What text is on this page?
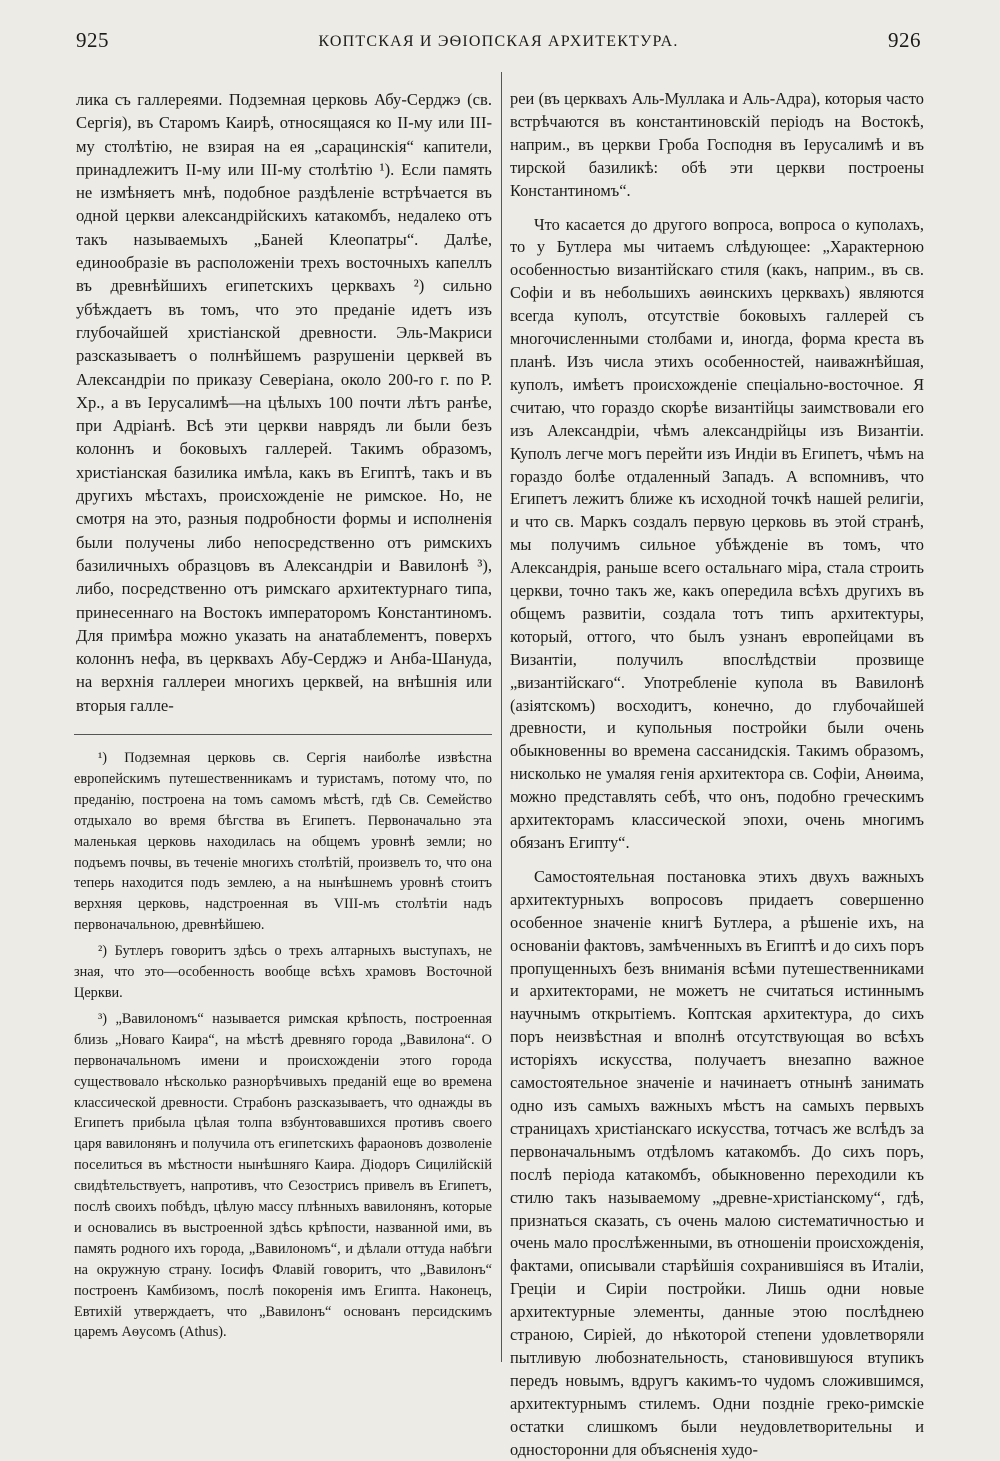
925	КОПТСКАЯ И ЭѲІОПСКАЯ АРХИТЕКТУРА.	926

лика съ галлереями. Подземная церковь Абу-Серджэ (св. Сергія), въ Старомъ Каирѣ, относящаяся ко II-му или III-му столѣтію, не взирая на ея „сарацинскія“ капители, принадлежитъ II-му или III-му столѣтію ¹). Если память не измѣняетъ мнѣ, подобное раздѣленіе встрѣчается въ одной церкви александрійскихъ катакомбъ, недалеко отъ такъ называемыхъ „Баней Клеопатры“. Далѣе, единообразіе въ расположеніи трехъ восточныхъ капеллъ въ древнѣйшихъ египетскихъ церквахъ ²) сильно убѣждаетъ въ томъ, что это преданіе идетъ изъ глубочайшей христіанской древности. Эль-Макриси разсказываетъ о полнѣйшемъ разрушеніи церквей въ Александріи по приказу Северіана, около 200-го г. по Р. Хр., а въ Іерусалимѣ—на цѣлыхъ 100 почти лѣтъ ранѣе, при Адріанѣ. Всѣ эти церкви наврядъ ли были безъ колоннъ и боковыхъ галлерей. Такимъ образомъ, христіанская базилика имѣла, какъ въ Египтѣ, такъ и въ другихъ мѣстахъ, происхожденіе не римское. Но, не смотря на это, разныя подробности формы и исполненія были получены либо непосредственно отъ римскихъ базиличныхъ образцовъ въ Александріи и Вавилонѣ ³), либо, посредственно отъ римскаго архитектурнаго типа, принесеннаго на Востокъ императоромъ Константиномъ. Для примѣра можно указать на анатаблементъ, поверхъ колоннъ нефа, въ церквахъ Абу-Серджэ и Анба-Шануда, на верхнія галлереи многихъ церквей, на внѣшнія или вторыя галле-

¹) Подземная церковь св. Сергія наиболѣе извѣстна европейскимъ путешественникамъ и туристамъ, потому что, по преданію, построена на томъ самомъ мѣстѣ, гдѣ Св. Семейство отдыхало во время бѣгства въ Египетъ. Первоначально эта маленькая церковь находилась на общемъ уровнѣ земли; но подъемъ почвы, въ теченіе многихъ столѣтій, произвелъ то, что она теперь находится подъ землею, а на нынѣшнемъ уровнѣ стоитъ верхняя церковь, надстроенная въ VIII-мъ столѣтіи надъ первоначальною, древнѣйшею.

²) Бутлеръ говоритъ здѣсь о трехъ алтарныхъ выступахъ, не зная, что это—особенность вообще всѣхъ храмовъ Восточной Церкви.

³) „Вавилономъ“ называется римская крѣпость, построенная близь „Новаго Каира“, на мѣстѣ древняго города „Вавилона“. О первоначальномъ имени и происхожденіи этого города существовало нѣсколько разнорѣчивыхъ преданій еще во времена классической древности. Страбонъ разсказываетъ, что однажды въ Египетъ прибыла цѣлая толпа взбунтовавшихся противъ своего царя вавилонянъ и получила отъ египетскихъ фараоновъ дозволеніе поселиться въ мѣстности нынѣшняго Каира. Діодоръ Сицилійскій свидѣтельствуетъ, напротивъ, что Сезострисъ привелъ въ Египетъ, послѣ своихъ побѣдъ, цѣлую массу плѣнныхъ вавилонянъ, которые и основались въ выстроенной здѣсь крѣпости, названной ими, въ память родного ихъ города, „Вавилономъ“, и дѣлали оттуда набѣги на окружную страну. Іосифъ Флавій говоритъ, что „Вавилонъ“ построенъ Камбизомъ, послѣ покоренія имъ Египта. Наконецъ, Евтихій утверждаетъ, что „Вавилонъ“ основанъ персидскимъ царемъ Аѳусомъ (Athus).

реи (въ церквахъ Аль-Муллака и Аль-Адра), которыя часто встрѣчаются въ константиновскій періодъ на Востокѣ, наприм., въ церкви Гроба Господня въ Іерусалимѣ и въ тирской базиликѣ: обѣ эти церкви построены Константиномъ“.

Что касается до другого вопроса, вопроса о куполахъ, то у Бутлера мы читаемъ слѣдующее: „Характерною особенностью византійскаго стиля (какъ, наприм., въ св. Софіи и въ небольшихъ аѳинскихъ церквахъ) являются всегда куполъ, отсутствіе боковыхъ галлерей съ многочисленными столбами и, иногда, форма креста въ планѣ. Изъ числа этихъ особенностей, наиважнѣйшая, куполъ, имѣетъ происхожденіе спеціально-восточное. Я считаю, что гораздо скорѣе византійцы заимствовали его изъ Александріи, чѣмъ александрійцы изъ Византіи. Куполъ легче могъ перейти изъ Индіи въ Египетъ, чѣмъ на гораздо болѣе отдаленный Западъ. А вспомнивъ, что Египетъ лежитъ ближе къ исходной точкѣ нашей религіи, и что св. Маркъ создалъ первую церковь въ этой странѣ, мы получимъ сильное убѣжденіе въ томъ, что Александрія, раньше всего остальнаго міра, стала строить церкви, точно такъ же, какъ опередила всѣхъ другихъ въ общемъ развитіи, создала тотъ типъ архитектуры, который, оттого, что былъ узнанъ европейцами въ Византіи, получилъ впослѣдствіи прозвище „византійскаго“. Употребленіе купола въ Вавилонѣ (азіятскомъ) восходитъ, конечно, до глубочайшей древности, и купольныя постройки были очень обыкновенны во времена сассанидскія. Такимъ образомъ, нисколько не умаляя генія архитектора св. Софіи, Анѳима, можно представлять себѣ, что онъ, подобно греческимъ архитекторамъ классической эпохи, очень многимъ обязанъ Египту“.

Самостоятельная постановка этихъ двухъ важныхъ архитектурныхъ вопросовъ придаетъ совершенно особенное значеніе книгѣ Бутлера, а рѣшеніе ихъ, на основаніи фактовъ, замѣченныхъ въ Египтѣ и до сихъ поръ пропущенныхъ безъ вниманія всѣми путешественниками и архитекторами, не можетъ не считаться истиннымъ научнымъ открытіемъ. Коптская архитектура, до сихъ поръ неизвѣстная и вполнѣ отсутствующая во всѣхъ исторіяхъ искусства, получаетъ внезапно важное самостоятельное значеніе и начинаетъ отнынѣ занимать одно изъ самыхъ важныхъ мѣстъ на самыхъ первыхъ страницахъ христіанскаго искусства, тотчасъ же вслѣдъ за первоначальнымъ отдѣломъ катакомбъ. До сихъ поръ, послѣ періода катакомбъ, обыкновенно переходили къ стилю такъ называемому „древне-христіанскому“, гдѣ, признаться сказать, съ очень малою систематичностью и очень мало прослѣженными, въ отношеніи происхожденія, фактами, описывали старѣйшія сохранившіяся въ Италіи, Греціи и Сиріи постройки. Лишь одни новые архитектурные элементы, данные этою послѣднею страною, Сиріей, до нѣкоторой степени удовлетворяли пытливую любознательность, становившуюся втупикъ передъ новымъ, вдругъ какимъ-то чудомъ сложившимся, архитектурнымъ стилемъ. Одни поздніе греко-римскіе остатки слишкомъ были неудовлетворительны и односторонни для объясненія худо-
